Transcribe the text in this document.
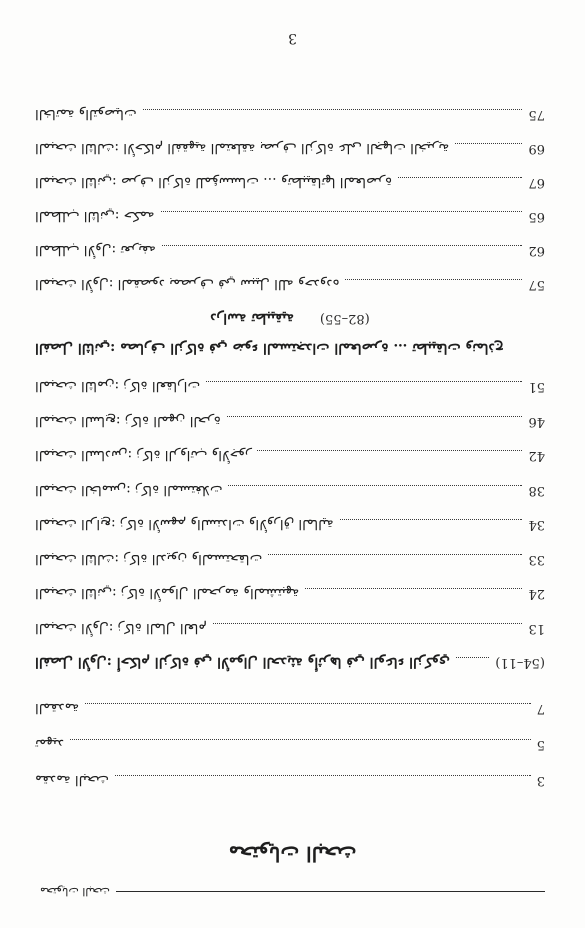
محتويات البحث
محتويات البحث
مقدمة البحث	3
تمهيد	5
المقدمة	7
الفصل الأول: أحكام الزكاة في الأموال الحديثة وأثرها في الوعاء الزكوي	(11–54)
المبحث الأول: زكاة المال العام	13
المبحث الثاني: زكاة الأموال المحرمة والمشتبهة	24
المبحث الثالث: زكاة الديون والمستحقات	33
المبحث الرابع: زكاة الأسهم والسندات والأوراق المالية	34
المبحث الخامس: زكاة المستغلات	38
المبحث السادس: زكاة الرواتب والأجور	42
المبحث السابع: زكاة المهن الحرة	46
المبحث الثامن: زكاة العقارات	51
الفصل الثاني: مصارف الزكاة في ضوء المستجدات المعاصرة … تطبيقات ونماذج
دراسة تطبيقية	(55–82)
المبحث الأول: المقصود بمصرف في سبيل الله وحدوده	57
المطلب الأول: تعريفه	62
المطلب الثاني: حكمه	65
المبحث الثاني: صرف الزكاة للمؤسسات … وتطبيقاتها المعاصرة	67
المبحث الثالث: الأحكام الفقهية المتعلقة بصرف الزكاة على الجهات الخيرية	69
الخاتمة والتوصيات	75
3
